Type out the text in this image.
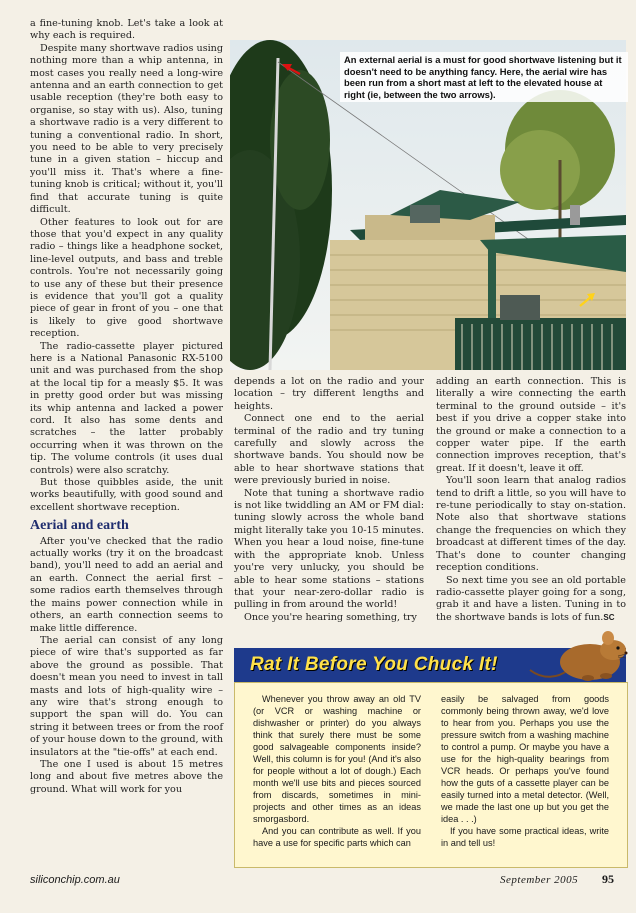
a fine-tuning knob. Let's take a look at why each is required.

Despite many shortwave radios using nothing more than a whip antenna, in most cases you really need a long-wire antenna and an earth connection to get usable reception (they're both easy to organise, so stay with us). Also, tuning a shortwave radio is a very different to tuning a conventional radio. In short, you need to be able to very precisely tune in a given station – hiccup and you'll miss it. That's where a fine-tuning knob is critical; without it, you'll find that accurate tuning is quite difficult.

Other features to look out for are those that you'd expect in any quality radio – things like a headphone socket, line-level outputs, and bass and treble controls. You're not necessarily going to use any of these but their presence is evidence that you'll got a quality piece of gear in front of you – one that is likely to give good shortwave reception.

The radio-cassette player pictured here is a National Panasonic RX-5100 unit and was purchased from the shop at the local tip for a measly $5. It was in pretty good order but was missing its whip antenna and lacked a power cord. It also has some dents and scratches – the latter probably occurring when it was thrown on the tip. The volume controls (it uses dual controls) were also scratchy.

But those quibbles aside, the unit works beautifully, with good sound and excellent shortwave reception.

Aerial and earth

After you've checked that the radio actually works (try it on the broadcast band), you'll need to add an aerial and an earth. Connect the aerial first – some radios earth themselves through the mains power connection while in others, an earth connection seems to make little difference.

The aerial can consist of any long piece of wire that's supported as far above the ground as possible. That doesn't mean you need to invest in tall masts and lots of high-quality wire – any wire that's strong enough to support the span will do. You can string it between trees or from the roof of your house down to the ground, with insulators at the "tie-offs" at each end.

The one I used is about 15 metres long and about five metres above the ground. What will work for you

An external aerial is a must for good shortwave listening but it doesn't need to be anything fancy. Here, the aerial wire has been run from a short mast at left to the elevated house at right (ie, between the two arrows).

depends a lot on the radio and your location – try different lengths and heights.

Connect one end to the aerial terminal of the radio and try tuning carefully and slowly across the shortwave bands. You should now be able to hear shortwave stations that were previously buried in noise.

Note that tuning a shortwave radio is not like twiddling an AM or FM dial: tuning slowly across the whole band might literally take you 10-15 minutes. When you hear a loud noise, fine-tune with the appropriate knob. Unless you're very unlucky, you should be able to hear some stations – stations that your near-zero-dollar radio is pulling in from around the world!

Once you're hearing something, try

adding an earth connection. This is literally a wire connecting the earth terminal to the ground outside – it's best if you drive a copper stake into the ground or make a connection to a copper water pipe. If the earth connection improves reception, that's great. If it doesn't, leave it off.

You'll soon learn that analog radios tend to drift a little, so you will have to re-tune periodically to stay on-station. Note also that shortwave stations change the frequencies on which they broadcast at different times of the day. That's done to counter changing reception conditions.

So next time you see an old portable radio-cassette player going for a song, grab it and have a listen. Tuning in to the shortwave bands is lots of fun.SC

Rat It Before You Chuck It!

Whenever you throw away an old TV (or VCR or washing machine or dishwasher or printer) do you always think that surely there must be some good salvageable components inside? Well, this column is for you! (And it's also for people without a lot of dough.) Each month we'll use bits and pieces sourced from discards, sometimes in mini-projects and other times as an ideas smorgasbord.

And you can contribute as well. If you have a use for specific parts which can

easily be salvaged from goods commonly being thrown away, we'd love to hear from you. Perhaps you use the pressure switch from a washing machine to control a pump. Or maybe you have a use for the high-quality bearings from VCR heads. Or perhaps you've found how the guts of a cassette player can be easily turned into a metal detector. (Well, we made the last one up but you get the idea . . .)

If you have some practical ideas, write in and tell us!

siliconchip.com.au	September 2005 95
